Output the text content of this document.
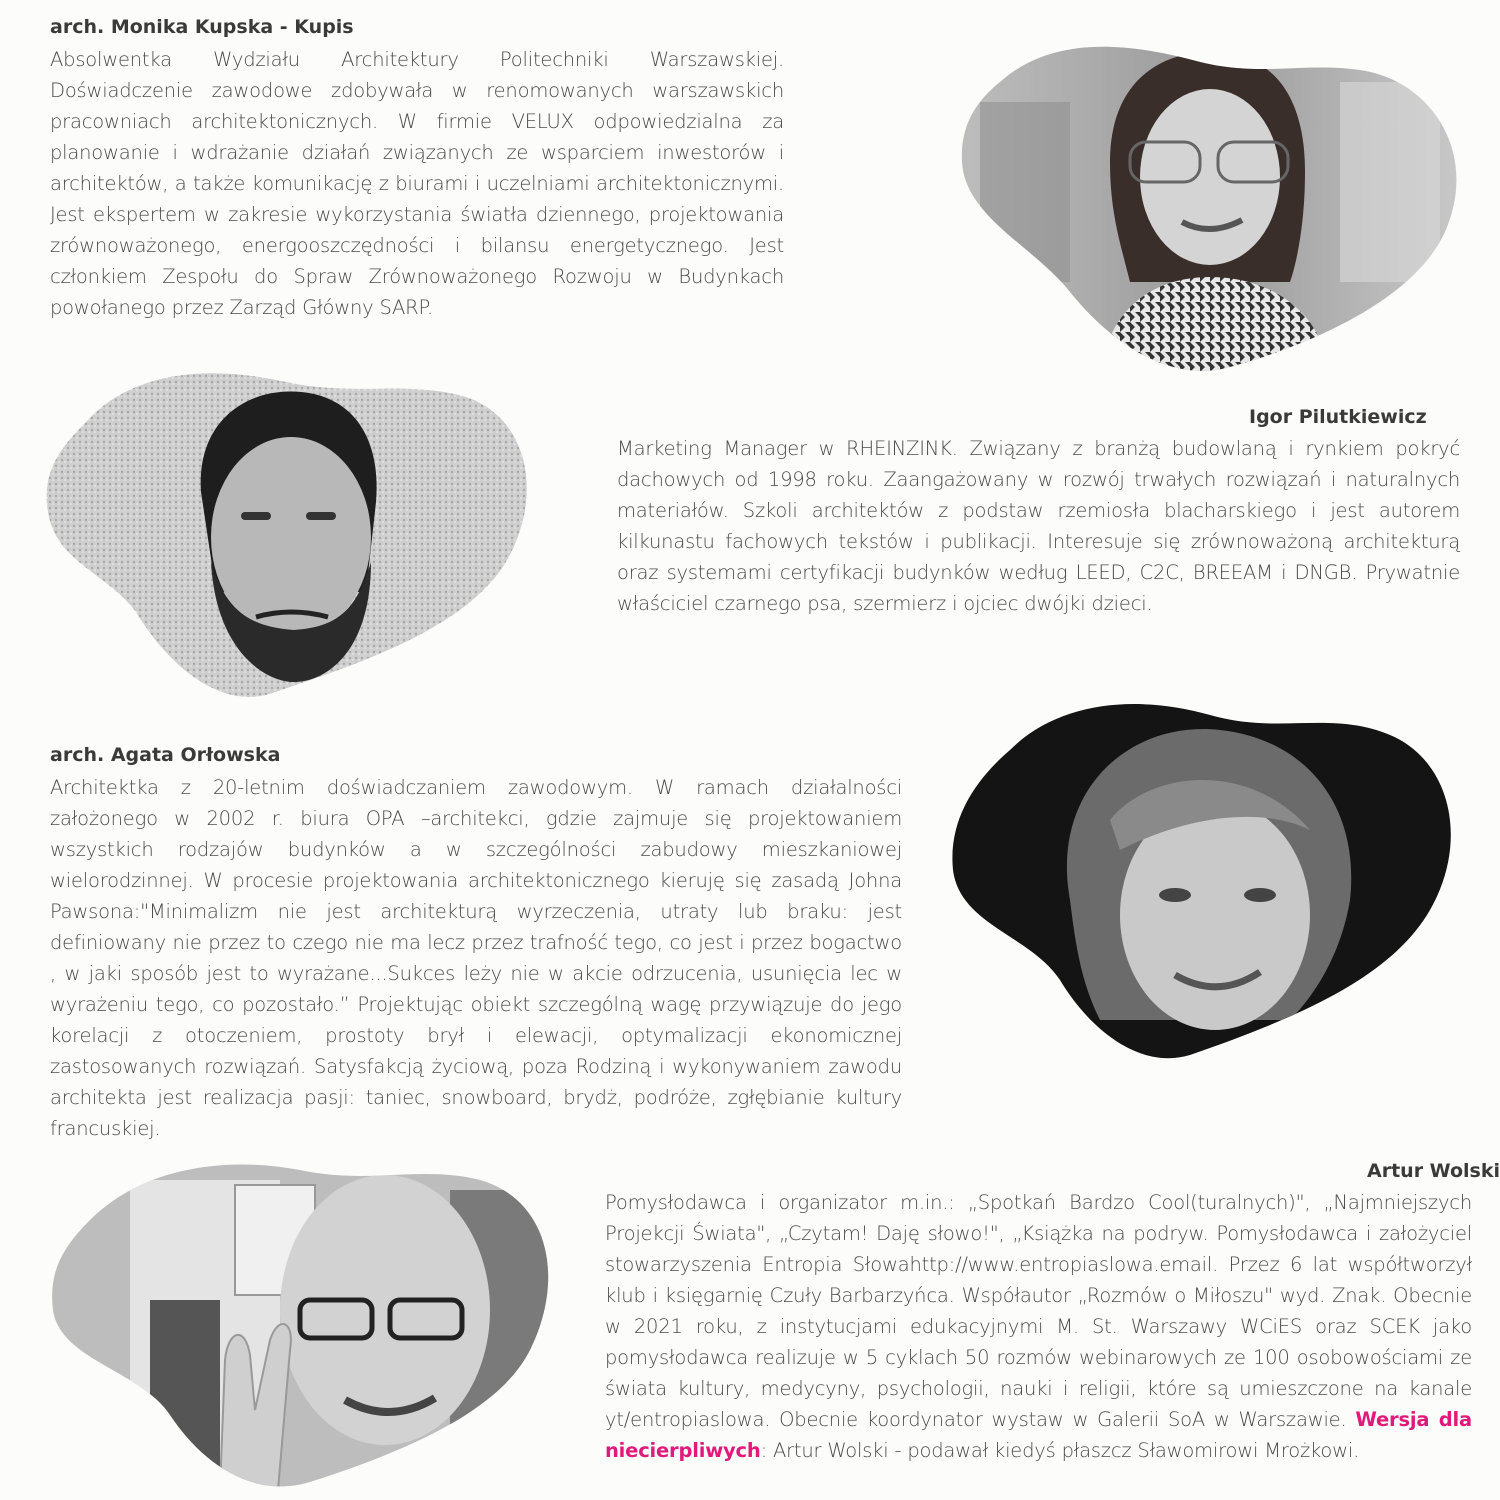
arch. Monika Kupska - Kupis

Absolwentka Wydziału Architektury Politechniki Warszawskiej. Doświadczenie zawodowe zdobywała w renomowanych warszawskich pracowniach architektonicznych. W firmie VELUX odpowiedzialna za planowanie i wdrażanie działań związanych ze wsparciem inwestorów i architektów, a także komunikację z biurami i uczelniami architektonicznymi. Jest ekspertem w zakresie wykorzystania światła dziennego, projektowania zrównoważonego, energooszczędności i bilansu energetycznego. Jest członkiem Zespołu do Spraw Zrównoważonego Rozwoju w Budynkach powołanego przez Zarząd Główny SARP.

Igor Pilutkiewicz

Marketing Manager w RHEINZINK. Związany z branżą budowlaną i rynkiem pokryć dachowych od 1998 roku. Zaangażowany w rozwój trwałych rozwiązań i naturalnych materiałów. Szkoli architektów z podstaw rzemiosła blacharskiego i jest autorem kilkunastu fachowych tekstów i publikacji. Interesuje się zrównoważoną architekturą oraz systemami certyfikacji budynków według LEED, C2C, BREEAM i DNGB. Prywatnie właściciel czarnego psa, szermierz i ojciec dwójki dzieci.

arch. Agata Orłowska

Architektka z 20-letnim doświadczaniem zawodowym. W ramach działalności założonego w 2002 r. biura OPA –architekci, gdzie zajmuje się projektowaniem wszystkich rodzajów budynków a w szczególności zabudowy mieszkaniowej wielorodzinnej. W procesie projektowania architektonicznego kieruję się zasadą Johna Pawsona:"Minimalizm nie jest architekturą wyrzeczenia, utraty lub braku: jest definiowany nie przez to czego nie ma lecz przez trafność tego, co jest i przez bogactwo , w jaki sposób jest to wyrażane...Sukces leży nie w akcie odrzucenia, usunięcia lec w wyrażeniu tego, co pozostało.” Projektując obiekt szczególną wagę przywiązuje do jego korelacji z otoczeniem, prostoty brył i elewacji, optymalizacji ekonomicznej zastosowanych rozwiązań. Satysfakcją życiową, poza Rodziną i wykonywaniem zawodu architekta jest realizacja pasji: taniec, snowboard, brydż, podróże, zgłębianie kultury francuskiej.

Artur Wolski

Pomysłodawca i organizator m.in.: „Spotkań Bardzo Cool(turalnych)", „Najmniejszych Projekcji Świata", „Czytam! Daję słowo!", „Książka na podryw. Pomysłodawca i założyciel stowarzyszenia Entropia Słowahttp://www.entropiaslowa.email. Przez 6 lat współtworzył klub i księgarnię Czuły Barbarzyńca. Współautor „Rozmów o Miłoszu" wyd. Znak. Obecnie w 2021 roku, z instytucjami edukacyjnymi M. St. Warszawy WCiES oraz SCEK jako pomysłodawca realizuje w 5 cyklach 50 rozmów webinarowych ze 100 osobowościami ze świata kultury, medycyny, psychologii, nauki i religii, które są umieszczone na kanale yt/entropiaslowa. Obecnie koordynator wystaw w Galerii SoA w Warszawie. Wersja dla niecierpliwych: Artur Wolski - podawał kiedyś płaszcz Sławomirowi Mrożkowi.
